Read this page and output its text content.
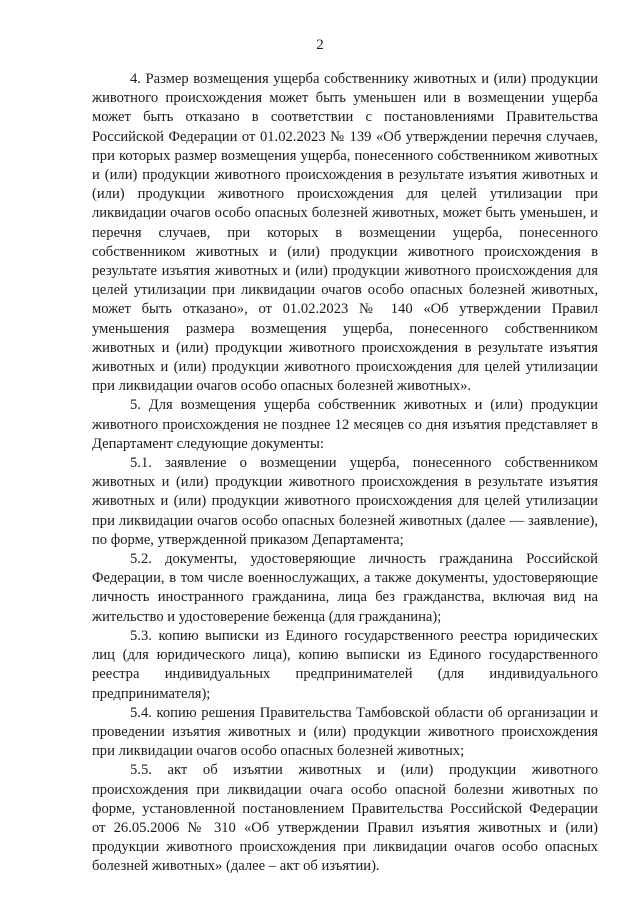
2

4. Размер возмещения ущерба собственнику животных и (или) продукции животного происхождения может быть уменьшен или в возмещении ущерба может быть отказано в соответствии с постановлениями Правительства Российской Федерации от 01.02.2023 № 139 «Об утверждении перечня случаев, при которых размер возмещения ущерба, понесенного собственником животных и (или) продукции животного происхождения в результате изъятия животных и (или) продукции животного происхождения для целей утилизации при ликвидации очагов особо опасных болезней животных, может быть уменьшен, и перечня случаев, при которых в возмещении ущерба, понесенного собственником животных и (или) продукции животного происхождения в результате изъятия животных и (или) продукции животного происхождения для целей утилизации при ликвидации очагов особо опасных болезней животных, может быть отказано», от 01.02.2023 № 140 «Об утверждении Правил уменьшения размера возмещения ущерба, понесенного собственником животных и (или) продукции животного происхождения в результате изъятия животных и (или) продукции животного происхождения для целей утилизации при ликвидации очагов особо опасных болезней животных».

5. Для возмещения ущерба собственник животных и (или) продукции животного происхождения не позднее 12 месяцев со дня изъятия представляет в Департамент следующие документы:

5.1. заявление о возмещении ущерба, понесенного собственником животных и (или) продукции животного происхождения в результате изъятия животных и (или) продукции животного происхождения для целей утилизации при ликвидации очагов особо опасных болезней животных (далее — заявление), по форме, утвержденной приказом Департамента;

5.2. документы, удостоверяющие личность гражданина Российской Федерации, в том числе военнослужащих, а также документы, удостоверяющие личность иностранного гражданина, лица без гражданства, включая вид на жительство и удостоверение беженца (для гражданина);

5.3. копию выписки из Единого государственного реестра юридических лиц (для юридического лица), копию выписки из Единого государственного реестра индивидуальных предпринимателей (для индивидуального предпринимателя);

5.4. копию решения Правительства Тамбовской области об организации и проведении изъятия животных и (или) продукции животного происхождения при ликвидации очагов особо опасных болезней животных;

5.5. акт об изъятии животных и (или) продукции животного происхождения при ликвидации очага особо опасной болезни животных по форме, установленной постановлением Правительства Российской Федерации от 26.05.2006 № 310 «Об утверждении Правил изъятия животных и (или) продукции животного происхождения при ликвидации очагов особо опасных болезней животных» (далее – акт об изъятии).
